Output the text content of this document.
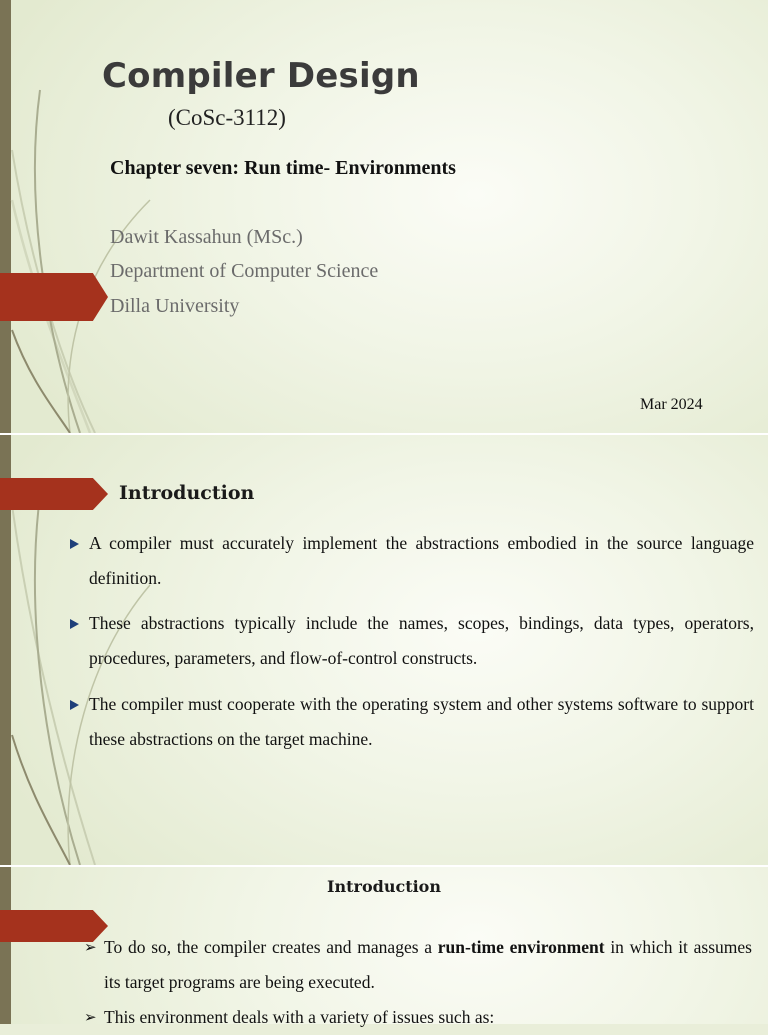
Compiler Design
(CoSc-3112)
Chapter seven: Run time- Environments
Dawit Kassahun (MSc.)
Department of Computer Science
Dilla University
Mar 2024
Introduction

A compiler must accurately implement the abstractions embodied in the source language definition.

These abstractions typically include the names, scopes, bindings, data types, operators, procedures, parameters, and flow-of-control constructs.

The compiler must cooperate with the operating system and other systems software to support these abstractions on the target machine.

Introduction
➢ To do so, the compiler creates and manages a run-time environment in which it assumes its target programs are being executed.

➢ This environment deals with a variety of issues such as:
